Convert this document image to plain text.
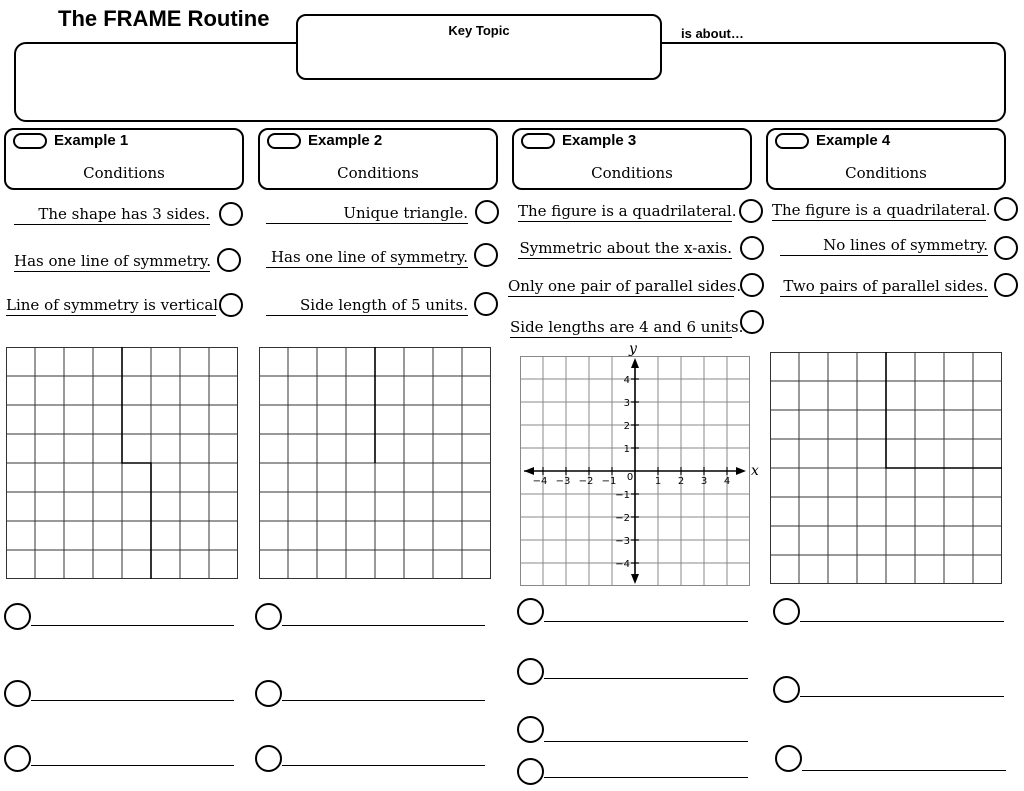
The FRAME Routine	Key Topic	is about…
Example 1
Conditions
Example 2
Conditions
Example 3
Conditions
Example 4
Conditions
The shape has 3 sides.
Has one line of symmetry.
Line of symmetry is vertical.
Unique triangle.
Has one line of symmetry.
Side length of 5 units.
The figure is a quadrilateral.
Symmetric about the x-axis.
Only one pair of parallel sides.
Side lengths are 4 and 6 units.
The figure is a quadrilateral.
No lines of symmetry.
Two pairs of parallel sides.
−4 −3 −2 −1	1 2 3 4
0
4
3
2
1
−1
−2
−3
−4
x
y
